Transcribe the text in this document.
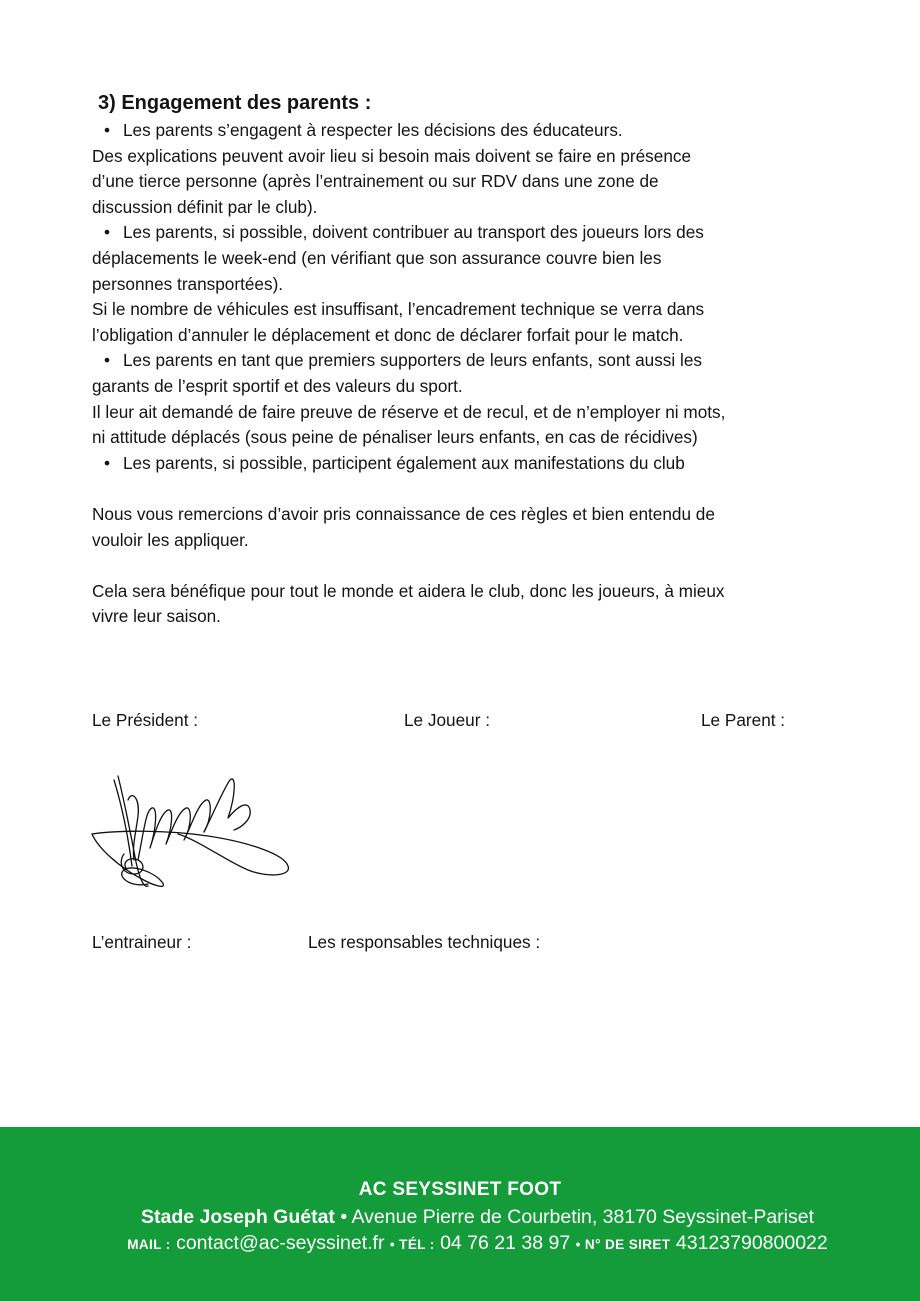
3) Engagement des parents :
• Les parents s’engagent à respecter les décisions des éducateurs.
Des explications peuvent avoir lieu si besoin mais doivent se faire en présence
d’une tierce personne (après l’entrainement ou sur RDV dans une zone de
discussion définit par le club).
• Les parents, si possible, doivent contribuer au transport des joueurs lors des
déplacements le week-end (en vérifiant que son assurance couvre bien les
personnes transportées).
Si le nombre de véhicules est insuffisant, l’encadrement technique se verra dans
l’obligation d’annuler le déplacement et donc de déclarer forfait pour le match.
• Les parents en tant que premiers supporters de leurs enfants, sont aussi les
garants de l’esprit sportif et des valeurs du sport.
Il leur ait demandé de faire preuve de réserve et de recul, et de n’employer ni mots,
ni attitude déplacés (sous peine de pénaliser leurs enfants, en cas de récidives)
• Les parents, si possible, participent également aux manifestations du club
Nous vous remercions d’avoir pris connaissance de ces règles et bien entendu de
vouloir les appliquer.
Cela sera bénéfique pour tout le monde et aidera le club, donc les joueurs, à mieux
vivre leur saison.
Le Président :	Le Joueur :	Le Parent :
L’entraineur :	Les responsables techniques :
AC SEYSSINET FOOT
Stade Joseph Guétat • Avenue Pierre de Courbetin, 38170 Seyssinet-Pariset
MAIL : contact@ac-seyssinet.fr • TÉL : 04 76 21 38 97 • N° DE SIRET 43123790800022
